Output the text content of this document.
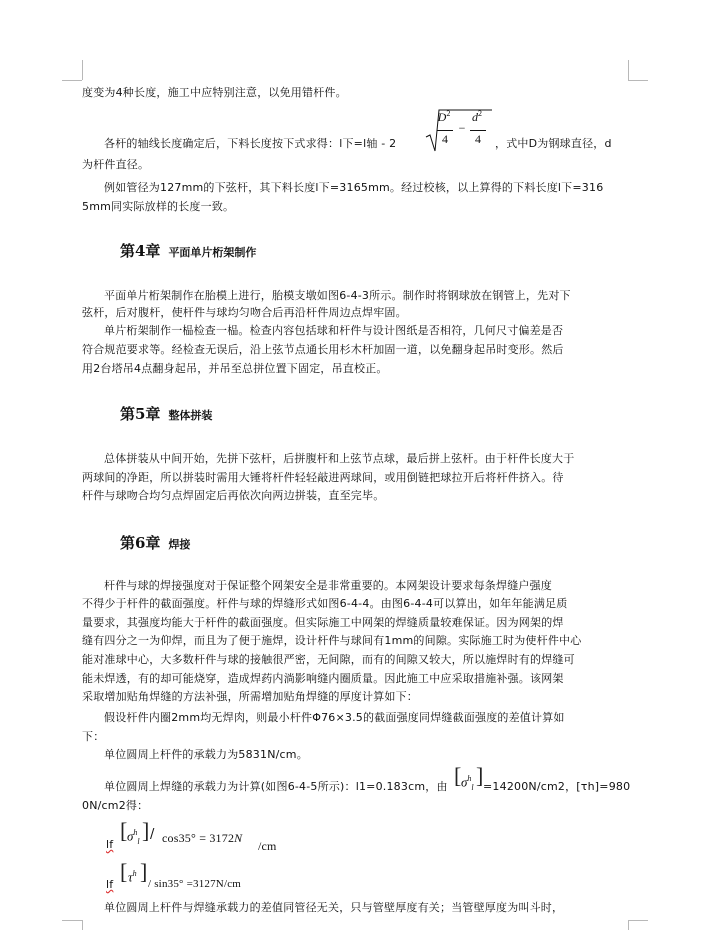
度变为4种长度，施工中应特别注意，以免用错杆件。
各杆的轴线长度确定后，下料长度按下式求得：l下=l轴 - 2
$D^2$
4
−
$d^2$
4	，式中D为钢球直径，d
为杆件直径。
例如管径为127mm的下弦杆，其下料长度l下=3165mm。经过校核，以上算得的下料长度l下=316
5mm同实际放样的长度一致。
第4章 平面单片桁架制作
平面单片桁架制作在胎模上进行，胎模支墩如图6-4-3所示。制作时将钢球放在钢管上，先对下
弦杆，后对腹杆，使杆件与球均匀吻合后再沿杆件周边点焊牢固。
单片桁架制作一榀检查一榀。检查内容包括球和杆件与设计图纸是否相符，几何尺寸偏差是否
符合规范要求等。经检查无误后，沿上弦节点通长用杉木杆加固一道，以免翻身起吊时变形。然后
用2台塔吊4点翻身起吊，并吊至总拼位置下固定，吊直校正。
第5章 整体拼装
总体拼装从中间开始，先拼下弦杆，后拼腹杆和上弦节点球，最后拼上弦杆。由于杆件长度大于
两球间的净距，所以拼装时需用大锤将杆件轻轻敲进两球间，或用倒链把球拉开后将杆件挤入。待
杆件与球吻合均匀点焊固定后再依次向两边拼装，直至完毕。
第6章 焊接
杆件与球的焊接强度对于保证整个网架安全是非常重要的。本网架设计要求每条焊缝户强度
不得少于杆件的截面强度。杆件与球的焊缝形式如图6-4-4。由图6-4-4可以算出，如年年能满足质
量要求，其强度均能大于杆件的截面强度。但实际施工中网架的焊缝质量较难保证。因为网架的焊
缝有四分之一为仰焊，而且为了便于施焊，设计杆件与球间有1mm的间隙。实际施工时为使杆件中心
能对准球中心，大多数杆件与球的接触很严密，无间隙，而有的间隙又较大，所以施焊时有的焊缝可
能未焊透，有的却可能烧穿，造成焊药内淌影响缝内圈质量。因此施工中应采取措施补强。该网架
采取增加贴角焊缝的方法补强，所需增加贴角焊缝的厚度计算如下：
假设杆件内圈2mm均无焊肉，则最小杆件Φ76×3.5的截面强度同焊缝截面强度的差值计算如
下：
单位圆周上杆件的承载力为5831N/cm。
单位圆周上焊缝的承载力为计算(如图6-4-5所示)：l1=0.183cm，由 [ $\sigma^h_l$ ] =14200N/cm2，[τh]=980
0N/cm2得：
lf
[ $\sigma^h_l$ ] / cos35° = 3172N
/cm
lf
[ $\tau^h$ ] / sin35° =3127N/cm
单位圆周上杆件与焊缝承载力的差值同管径无关，只与管壁厚度有关；当管壁厚度为叫斗时，
